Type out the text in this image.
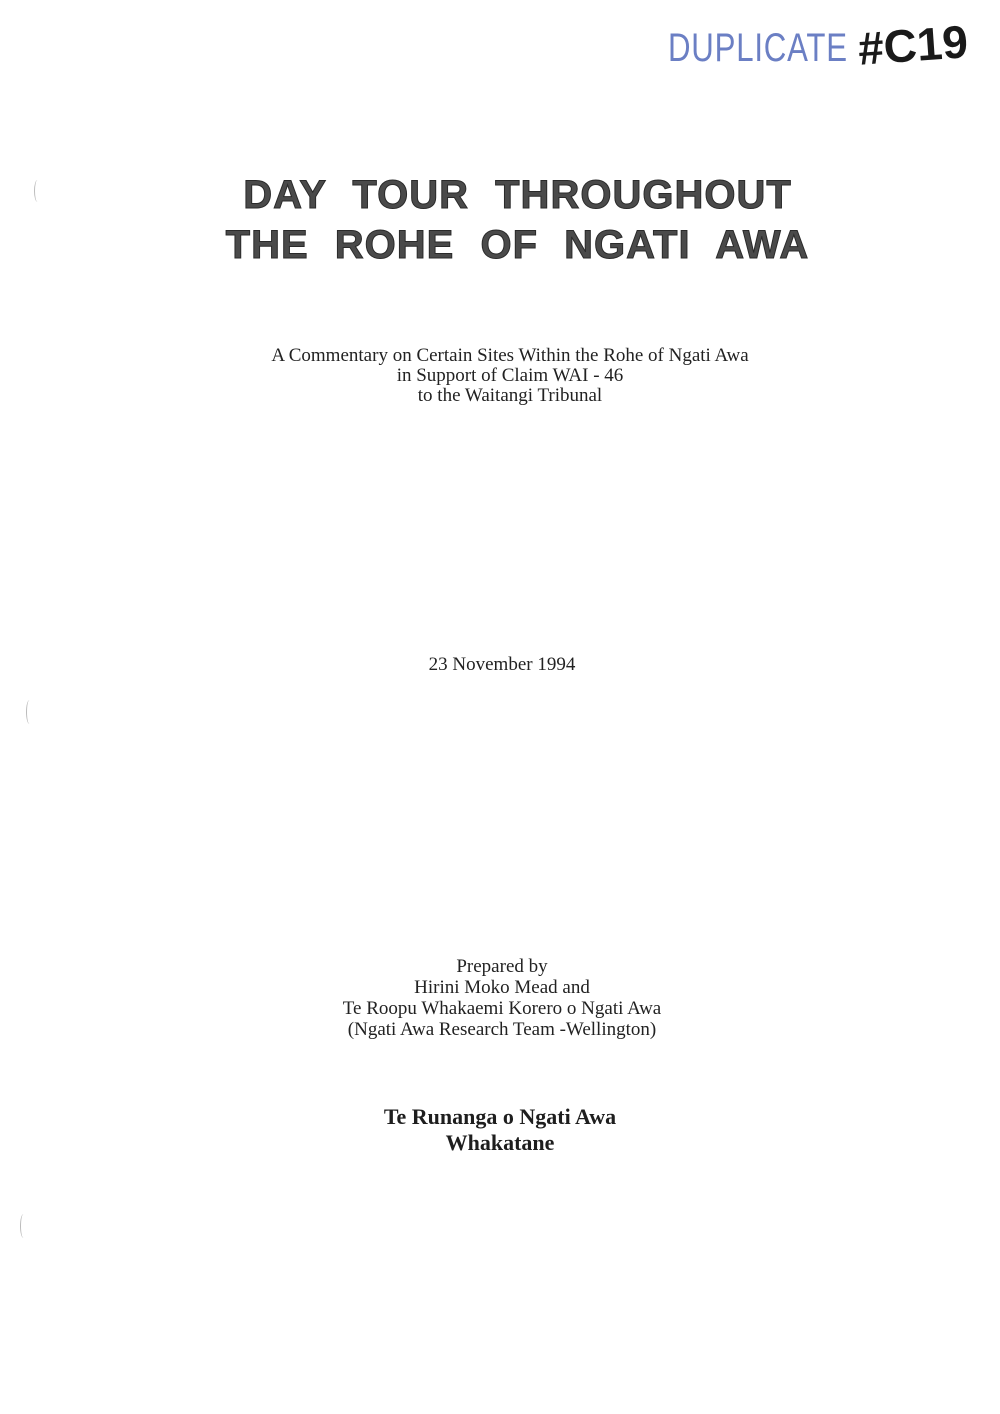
DUPLICATE #C19
DAY TOUR THROUGHOUT
THE ROHE OF NGATI AWA
A Commentary on Certain Sites Within the Rohe of Ngati Awa
in Support of Claim WAI - 46
to the Waitangi Tribunal
23 November 1994
Prepared by
Hirini Moko Mead and
Te Roopu Whakaemi Korero o Ngati Awa
(Ngati Awa Research Team -Wellington)
Te Runanga o Ngati Awa
Whakatane
